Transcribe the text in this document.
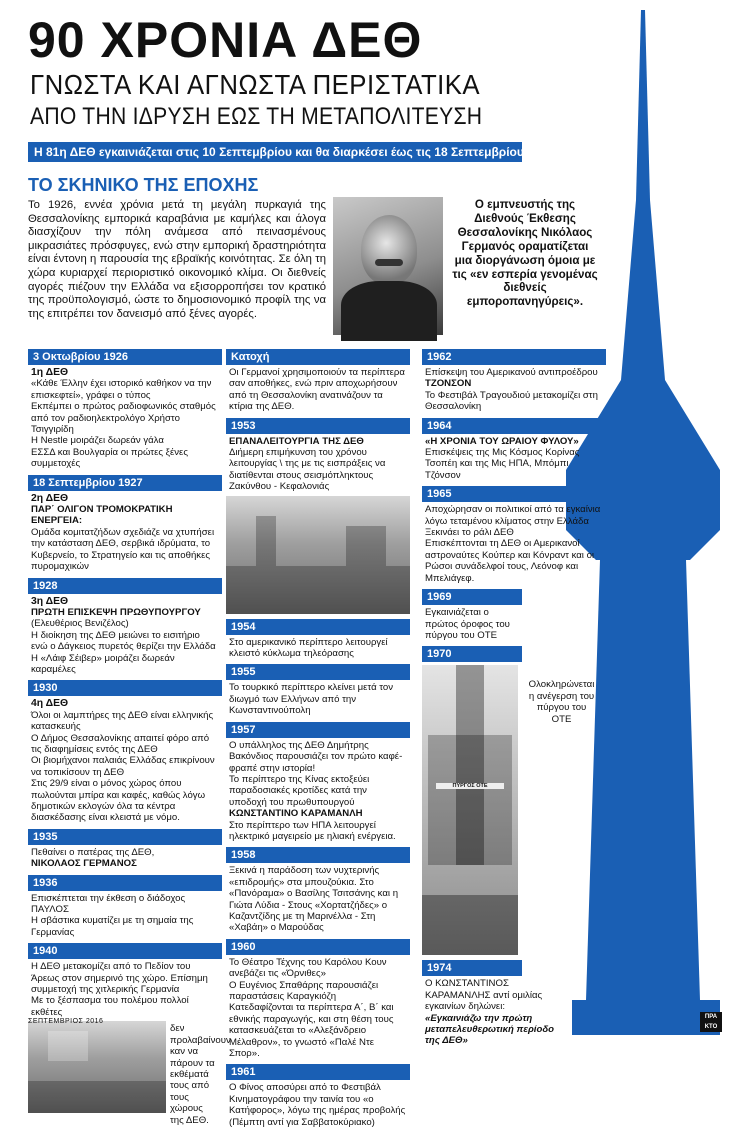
90 ΧΡΟΝΙΑ ΔΕΘ
ΓΝΩΣΤΑ ΚΑΙ ΑΓΝΩΣΤΑ ΠΕΡΙΣΤΑΤΙΚΑ
ΑΠΟ ΤΗΝ ΙΔΡΥΣΗ ΕΩΣ ΤΗ ΜΕΤΑΠΟΛΙΤΕΥΣΗ
Η 81η ΔΕΘ εγκαινιάζεται στις 10 Σεπτεμβρίου και θα διαρκέσει έως τις 18 Σεπτεμβρίου
ΤΟ ΣΚΗΝΙΚΟ ΤΗΣ ΕΠΟΧΗΣ
Το 1926, εννέα χρόνια μετά τη μεγάλη πυρκαγιά της Θεσσαλονίκης εμπορικά καραβάνια με καμήλες και άλογα διασχίζουν την πόλη ανάμεσα από πεινασμένους μικρασιάτες πρόσφυγες, ενώ στην εμπορική δραστηριότητα είναι έντονη η παρουσία της εβραϊκής κοινότητας. Σε όλη τη χώρα κυριαρχεί περιοριστικό οικονομικό κλίμα. Οι διεθνείς αγορές πιέζουν την Ελλάδα να εξισορροπήσει τον κρατικό της προϋπολογισμό, ώστε το δημοσιονομικό προφίλ της να της επιτρέπει τον δανεισμό από ξένες αγορές.
Ο εμπνευστής της Διεθνούς Έκθεσης Θεσσαλονίκης Νικόλαος Γερμανός οραματίζεται μια διοργάνωση όμοια με τις «εν εσπερία γενομένας διεθνείς εμποροπανηγύρεις».
3 Οκτωβρίου 1926
1η ΔΕΘ
«Κάθε Έλλην έχει ιστορικό καθήκον να την επισκεφτεί», γράφει ο τύπος
Εκπέμπει ο πρώτος ραδιοφωνικός σταθμός από τον ραδιοηλεκτρολόγο Χρήστο Τσιγγιρίδη
Η Nestle μοιράζει δωρεάν γάλα
ΕΣΣΔ και Βουλγαρία οι πρώτες ξένες συμμετοχές
18 Σεπτεμβρίου 1927
2η ΔΕΘ
ΠΑΡ΄ ΟΛΙΓΟΝ ΤΡΟΜΟΚΡΑΤΙΚΗ ΕΝΕΡΓΕΙΑ:
Ομάδα κομιτατζήδων σχεδιάζε να χτυπήσει την κατάσταση ΔΕΘ, σερβικά ιδρύματα, το Κυβερνείο, το Στρατηγείο και τις αποθήκες πυρομαχικών
1928
3η ΔΕΘ
ΠΡΩΤΗ ΕΠΙΣΚΕΨΗ ΠΡΩΘΥΠΟΥΡΓΟΥ
(Ελευθέριος Βενιζέλος)
Η διοίκηση της ΔΕΘ μειώνει το εισιτήριο ενώ ο Δάγκειος πυρετός θερίζει την Ελλάδα
Η «Λάιφ Σέιβερ» μοιράζει δωρεάν καραμέλες
1930
4η ΔΕΘ
Όλοι οι λαμπτήρες της ΔΕΘ είναι ελληνικής κατασκευής
Ο Δήμος Θεσσαλονίκης απαιτεί φόρο από τις διαφημίσεις εντός της ΔΕΘ
Οι βιομήχανοι παλαιάς Ελλάδας επικρίνουν να τοπικίσουν τη ΔΕΘ
Στις 29/9 είναι ο μόνος χώρος όπου πωλούνται μπίρα και καφές, καθώς λόγω δημοτικών εκλογών όλα τα κέντρα διασκέδασης είναι κλειστά με νόμο.
1935
Πεθαίνει ο πατέρας της ΔΕΘ,
ΝΙΚΟΛΑΟΣ ΓΕΡΜΑΝΟΣ
1936
Επισκέπτεται την έκθεση ο διάδοχος ΠΑΥΛΟΣ
Η σβάστικα κυματίζει με τη σημαία της Γερμανίας
1940
Η ΔΕΘ μετακομίζει από το Πεδίον του Άρεως στον σημερινό της χώρο. Επίσημη συμμετοχή της χιτλερικής Γερμανία
Με το ξέσπασμα του πολέμου πολλοί εκθέτες
δεν προλαβαίνουν καν να πάρουν τα εκθέματά τους από τους χώρους της ΔΕΘ.
Κατοχή
Οι Γερμανοί χρησιμοποιούν τα περίπτερα σαν αποθήκες, ενώ πριν αποχωρήσουν από τη Θεσσαλονίκη ανατινάζουν τα κτίρια της ΔΕΘ.
1953
ΕΠΑΝΑΛΕΙΤΟΥΡΓΙΑ ΤΗΣ ΔΕΘ
Διήμερη επιμήκυνση του χρόνου λειτουργίας \ της με τις εισπράξεις να διατίθενται στους σεισμόπληκτους Ζακύνθου - Κεφαλονιάς
1954
Στο αμερικανικό περίπτερο λειτουργεί κλειστό κύκλωμα τηλεόρασης
1955
Το τουρκικό περίπτερο κλείνει μετά τον διωγμό των Ελλήνων από την Κωνσταντινούπολη
1957
Ο υπάλληλος της ΔΕΘ Δημήτρης Βακόνδιος παρουσιάζει τον πρώτο καφέ-φραπέ στην ιστορία!
Το περίπτερο της Κίνας εκτοξεύει παραδοσιακές κροτίδες κατά την υποδοχή του πρωθυπουργού
ΚΩΝΣΤΑΝΤΙΝΟ ΚΑΡΑΜΑΝΛΗ
Στο περίπτερο των ΗΠΑ λειτουργεί ηλεκτρικό μαγειρείο με ηλιακή ενέργεια.
1958
Ξεκινά η παράδοση των νυχτερινής «επιδρομής» στα μπουζούκια. Στο «Πανόραμα» ο Βασίλης Τσιτσάνης και η Γιώτα Λύδια - Στους «Χορτατζήδες» ο Καζαντζίδης με τη Μαρινέλλα - Στη «Χαβάη» ο Μαρούδας
1960
Το Θέατρο Τέχνης του Καρόλου Κουν ανεβάζει τις «Όρνιθες»
Ο Ευγένιος Σπαθάρης παρουσιάζει παραστάσεις Καραγκιόζη
Κατεδαφίζονται τα περίπτερα Α΄, Β΄ και εθνικής παραγωγής, και στη θέση τους κατασκευάζεται το «Αλεξάνδρειο Μέλαθρον», το γνωστό «Παλέ Ντε Σπορ».
1961
Ο Φίνος αποσύρει από το Φεστιβάλ Κινηματογράφου την ταινία του «ο Κατήφορος», λόγω της ημέρας προβολής (Πέμπτη αντί για Σαββατοκύριακο)
1962
Επίσκεψη του Αμερικανού αντιπροέδρου
ΤΖΟΝΣΟΝ
Το Φεστιβάλ Τραγουδιού μετακομίζει στη Θεσσαλονίκη
1964
«Η ΧΡΟΝΙΑ ΤΟΥ ΩΡΑΙΟΥ ΦΥΛΟΥ»
Επισκέψεις της Μις Κόσμος Κορίνας Τσοπέη και της Μις ΗΠΑ, Μπόμπι Τζόνσον
1965
Αποχώρησαν οι πολιτικοί από τα εγκαίνια λόγω τεταμένου κλίματος στην Ελλάδα
Ξεκινάει το ράλι ΔΕΘ
Επισκέπτονται τη ΔΕΘ οι Αμερικανοί αστροναύτες Κούπερ και Κόνραντ και οι Ρώσοι συνάδελφοί τους, Λεόνοφ και Μπελιάγεφ.
1969
Εγκαινιάζεται ο πρώτος όροφος του πύργου του ΟΤΕ
1970
ΠΥΡΓΟΣ ΟΤΕ
Ολοκληρώνεται η ανέγερση του πύργου του ΟΤΕ
1974
Ο ΚΩΝΣΤΑΝΤΙΝΟΣ ΚΑΡΑΜΑΝΛΗΣ αντί ομιλίας εγκαινίων δηλώνει:
«Εγκαινιάζω την πρώτη μεταπελευθερωτική περίοδο της ΔΕΘ»
ΣΕΠΤΕΜΒΡΙΟΣ 2016
ΠΡΑ ΚΤΟ
